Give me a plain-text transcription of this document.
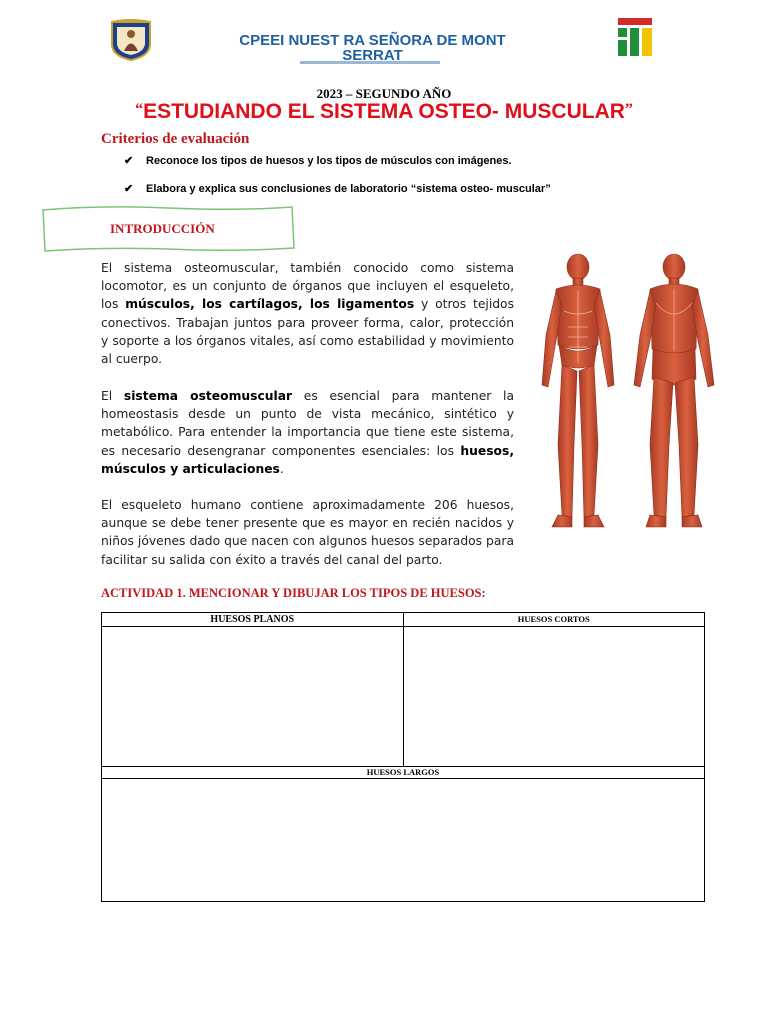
CPEEI NUEST RA SEÑORA DE MONT
SERRAT
2023 – SEGUNDO AÑO
“ESTUDIANDO EL SISTEMA OSTEO- MUSCULAR”
Criterios de evaluación
✔ Reconoce los tipos de huesos y los tipos de músculos con imágenes.
✔ Elabora y explica sus conclusiones de laboratorio “sistema osteo- muscular”
INTRODUCCIÓN
El sistema osteomuscular, también conocido como sistema locomotor, es un conjunto de órganos que incluyen el esqueleto, los músculos, los cartílagos, los ligamentos y otros tejidos conectivos. Trabajan juntos para proveer forma, calor, protección y soporte a los órganos vitales, así como estabilidad y movimiento al cuerpo.
El sistema osteomuscular es esencial para mantener la homeostasis desde un punto de vista mecánico, sintético y metabólico. Para entender la importancia que tiene este sistema, es necesario desengranar componentes esenciales: los huesos, músculos y articulaciones.
El esqueleto humano contiene aproximadamente 206 huesos, aunque se debe tener presente que es mayor en recién nacidos y niños jóvenes dado que nacen con algunos huesos separados para facilitar su salida con éxito a través del canal del parto.
ACTIVIDAD 1. MENCIONAR Y DIBUJAR LOS TIPOS DE HUESOS:
HUESOS PLANOS	HUESOS CORTOS

HUESOS LARGOS	
